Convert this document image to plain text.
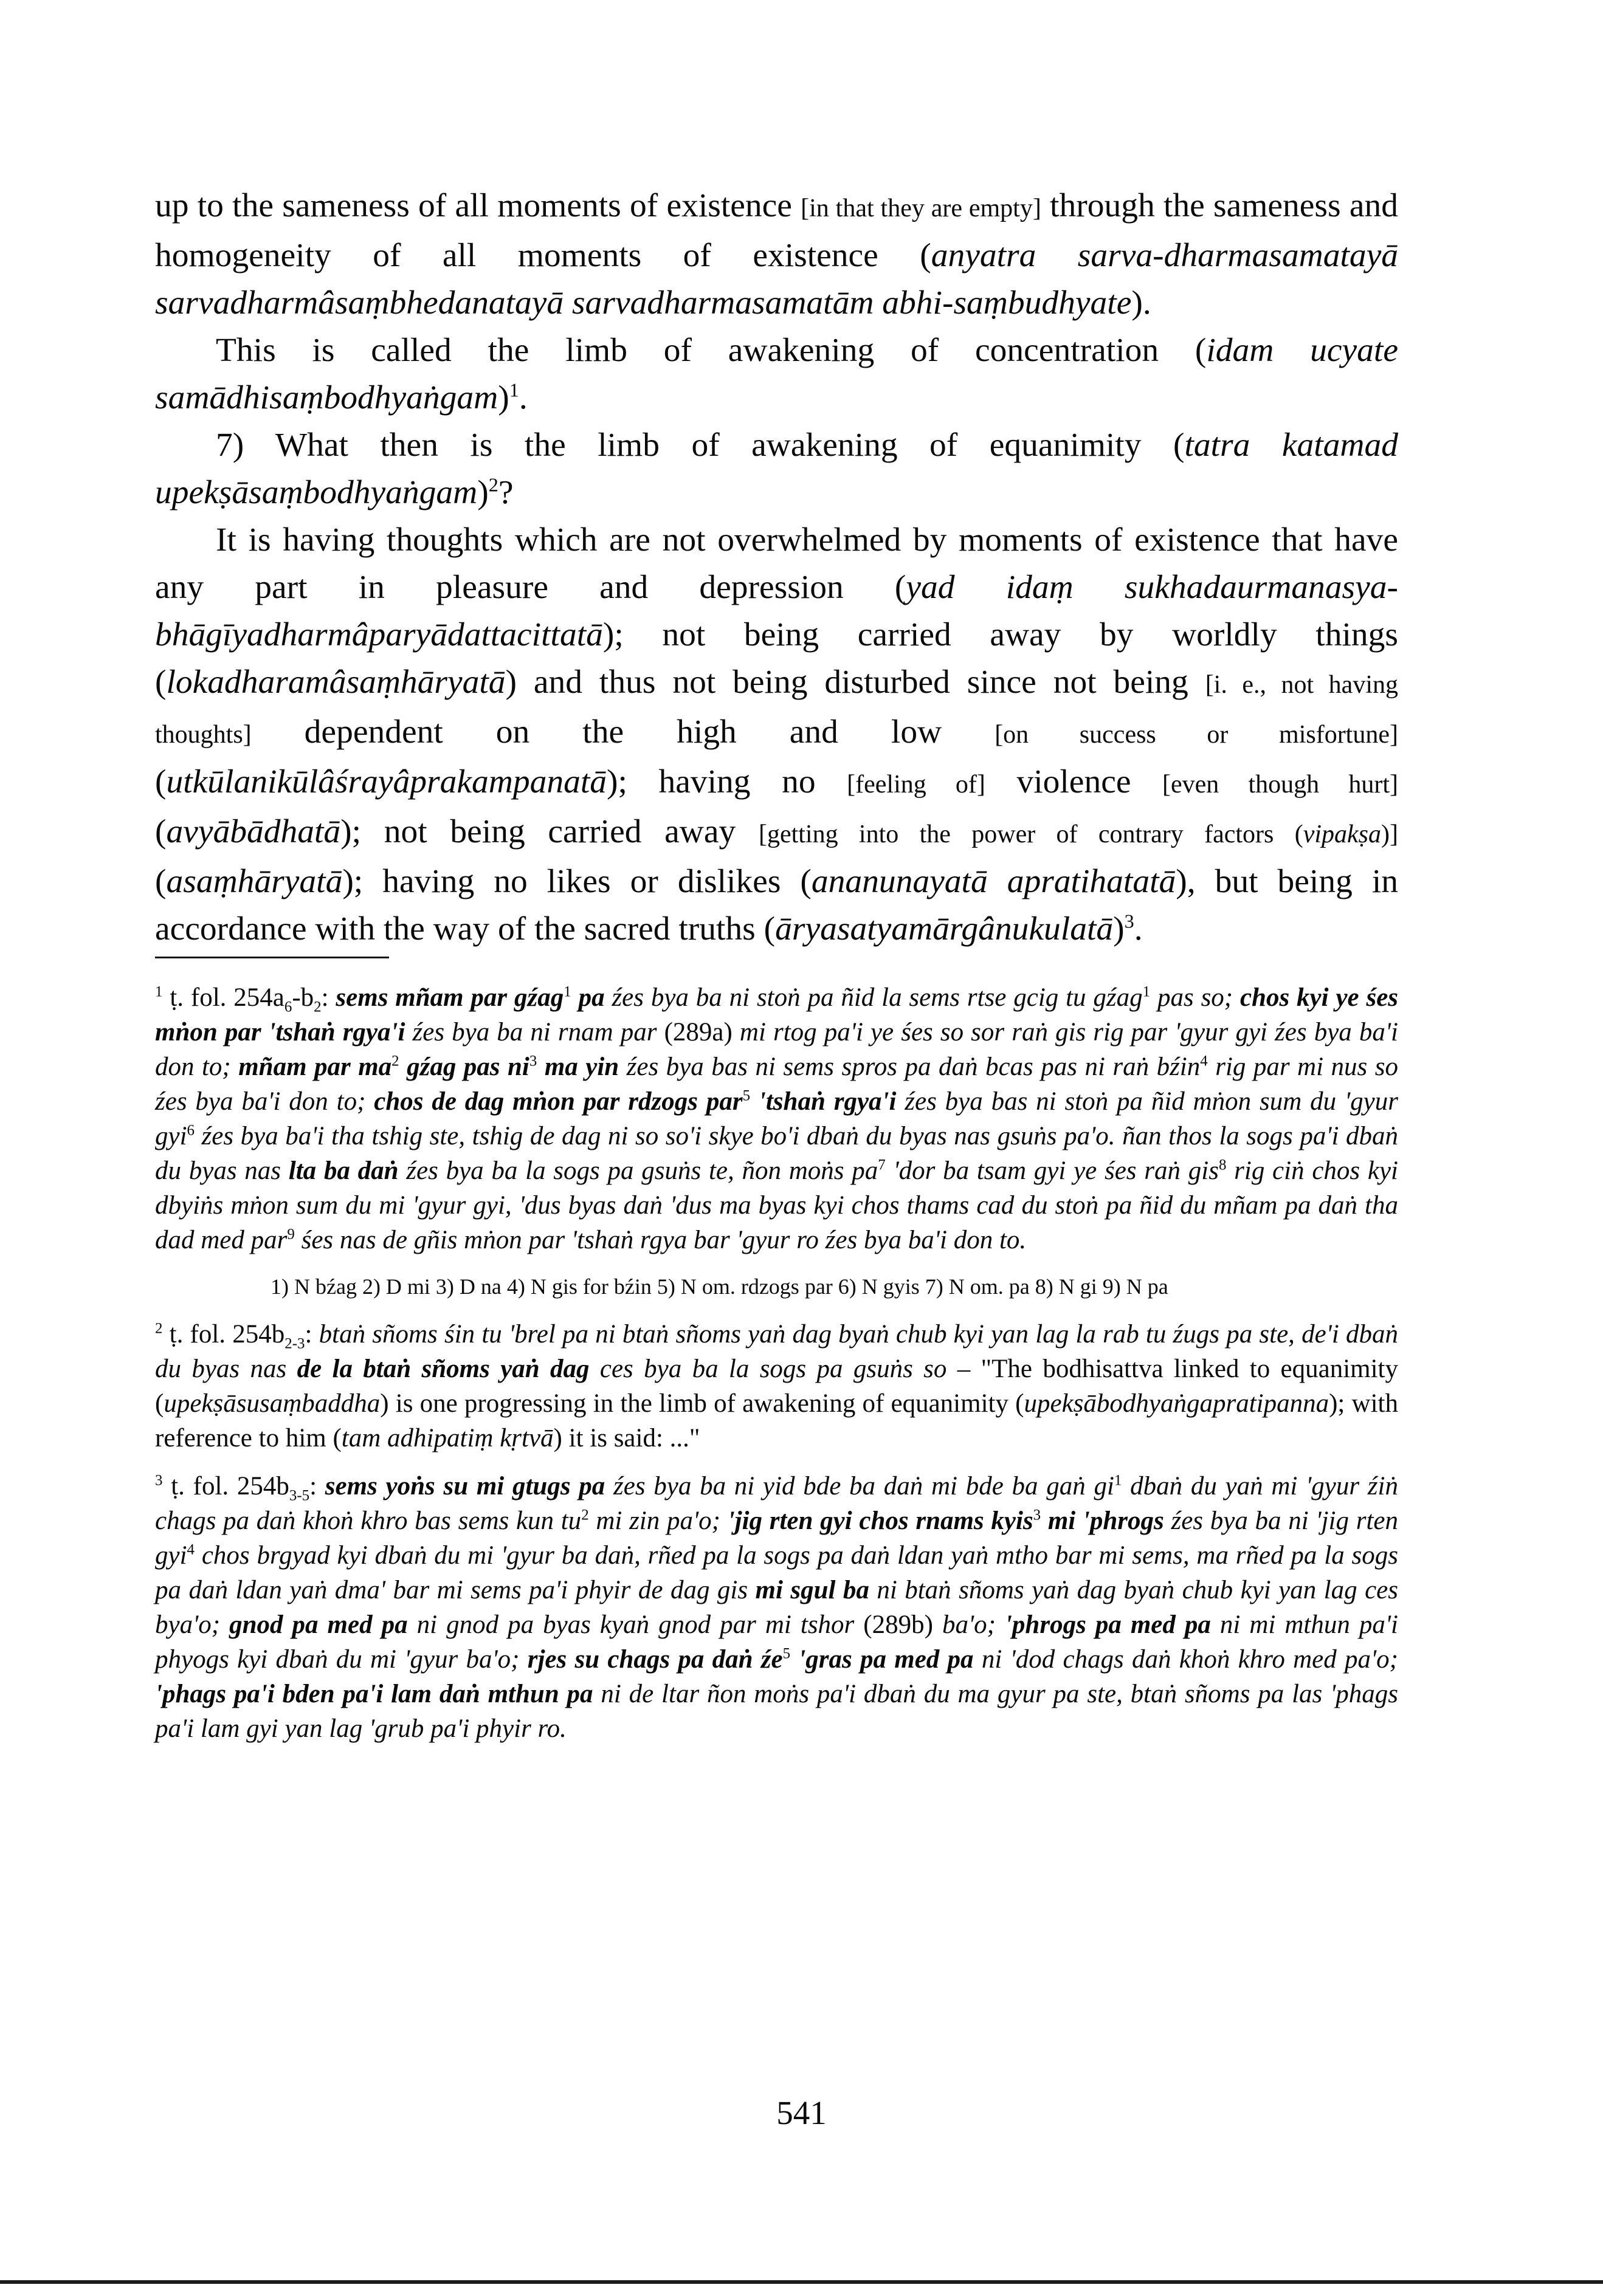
up to the sameness of all moments of existence [in that they are empty] through the sameness and homogeneity of all moments of existence (anyatra sarva-dharmasamatayā sarvadharmâsaṃbhedanatayā sarvadharmasamatām abhi-saṃbudhyate).

This is called the limb of awakening of concentration (idam ucyate samādhisaṃbodhyaṅgam)$^1$.

7) What then is the limb of awakening of equanimity (tatra katamad upekṣāsaṃbodhyaṅgam)$^2$?

It is having thoughts which are not overwhelmed by moments of existence that have any part in pleasure and depression (yad idaṃ sukhadaurmanasya-bhāgīyadharmâparyādattacittatā); not being carried away by worldly things (lokadharamâsaṃhāryatā) and thus not being disturbed since not being [i. e., not having thoughts] dependent on the high and low [on success or misfortune] (utkūlanikūlâśrayâprakampanatā); having no [feeling of] violence [even though hurt] (avyābādhatā); not being carried away [getting into the power of contrary factors (vipakṣa)] (asaṃhāryatā); having no likes or dislikes (ananunayatā apratihatatā), but being in accordance with the way of the sacred truths (āryasatyamārgânukulatā)$^3$.

$^1$ ṭ. fol. $254a_6-b_2$: sems mñam par gźag$^1$ pa źes bya ba ni stoṅ pa ñid la sems rtse gcig tu gźag$^1$ pas so; chos kyi ye śes mṅon par 'tshaṅ rgya'i źes bya ba ni rnam par (289a) mi rtog pa'i ye śes so sor raṅ gis rig par 'gyur gyi źes bya ba'i don to; mñam par $ma^2$ gźag pas $ni^3$ ma yin źes bya bas ni sems spros pa daṅ bcas pas ni raṅ bźin$^4$ rig par mi nus so źes bya ba'i don to; chos de dag mṅon par rdzogs par$^5$ 'tshaṅ rgya'i źes bya bas ni stoṅ pa ñid mṅon sum du 'gyur gyi$^6$ źes bya ba'i tha tshig ste, tshig de dag ni so so'i skye bo'i dbaṅ du byas nas gsuṅs pa'o. ñan thos la sogs pa'i dbaṅ du byas nas lta ba daṅ źes bya ba la sogs pa gsuṅs te, ñon moṅs $pa^7$ 'dor ba tsam gyi ye śes raṅ gis$^8$ rig ciṅ chos kyi dbyiṅs mṅon sum du mi 'gyur gyi, 'dus byas daṅ 'dus ma byas kyi chos thams cad du stoṅ pa ñid du mñam pa daṅ tha dad med par$^9$ śes nas de gñis mṅon par 'tshaṅ rgya bar 'gyur ro źes bya ba'i don to.

1) N bźag 2) D mi 3) D na 4) N gis for bźin 5) N om. rdzogs par 6) N gyis 7) N om. pa 8) N gi 9) N pa

$^2$ ṭ. fol. $254b_{2-3}$: btaṅ sñoms śin tu 'brel pa ni btaṅ sñoms yaṅ dag byaṅ chub kyi yan lag la rab tu źugs pa ste, de'i dbaṅ du byas nas de la btaṅ sñoms yaṅ dag ces bya ba la sogs pa gsuṅs so – "The bodhisattva linked to equanimity (upekṣāsusaṃbaddha) is one progressing in the limb of awakening of equanimity (upekṣābodhyaṅgapratipanna); with reference to him (tam adhipatiṃ kṛtvā) it is said: ..."

$^3$ ṭ. fol. $254b_{3-5}$: sems yoṅs su mi gtugs pa źes bya ba ni yid bde ba daṅ mi bde ba gaṅ $gi^1$ dbaṅ du yaṅ mi 'gyur źiṅ chags pa daṅ khoṅ khro bas sems kun $tu^2$ mi zin pa'o; 'jig rten gyi chos rnams kyis$^3$ mi 'phrogs źes bya ba ni 'jig rten gyi$^4$ chos brgyad kyi dbaṅ du mi 'gyur ba daṅ, rñed pa la sogs pa daṅ ldan yaṅ mtho bar mi sems, ma rñed pa la sogs pa daṅ ldan yaṅ dma' bar mi sems pa'i phyir de dag gis mi sgul ba ni btaṅ sñoms yaṅ dag byaṅ chub kyi yan lag ces bya'o; gnod pa med pa ni gnod pa byas kyaṅ gnod par mi tshor (289b) ba'o; 'phrogs pa med pa ni mi mthun pa'i phyogs kyi dbaṅ du mi 'gyur ba'o; rjes su chags pa daṅ $źe^5$ 'gras pa med pa ni 'dod chags daṅ khoṅ khro med pa'o; 'phags pa'i bden pa'i lam daṅ mthun pa ni de ltar ñon moṅs pa'i dbaṅ du ma gyur pa ste, btaṅ sñoms pa las 'phags pa'i lam gyi yan lag 'grub pa'i phyir ro.

541
